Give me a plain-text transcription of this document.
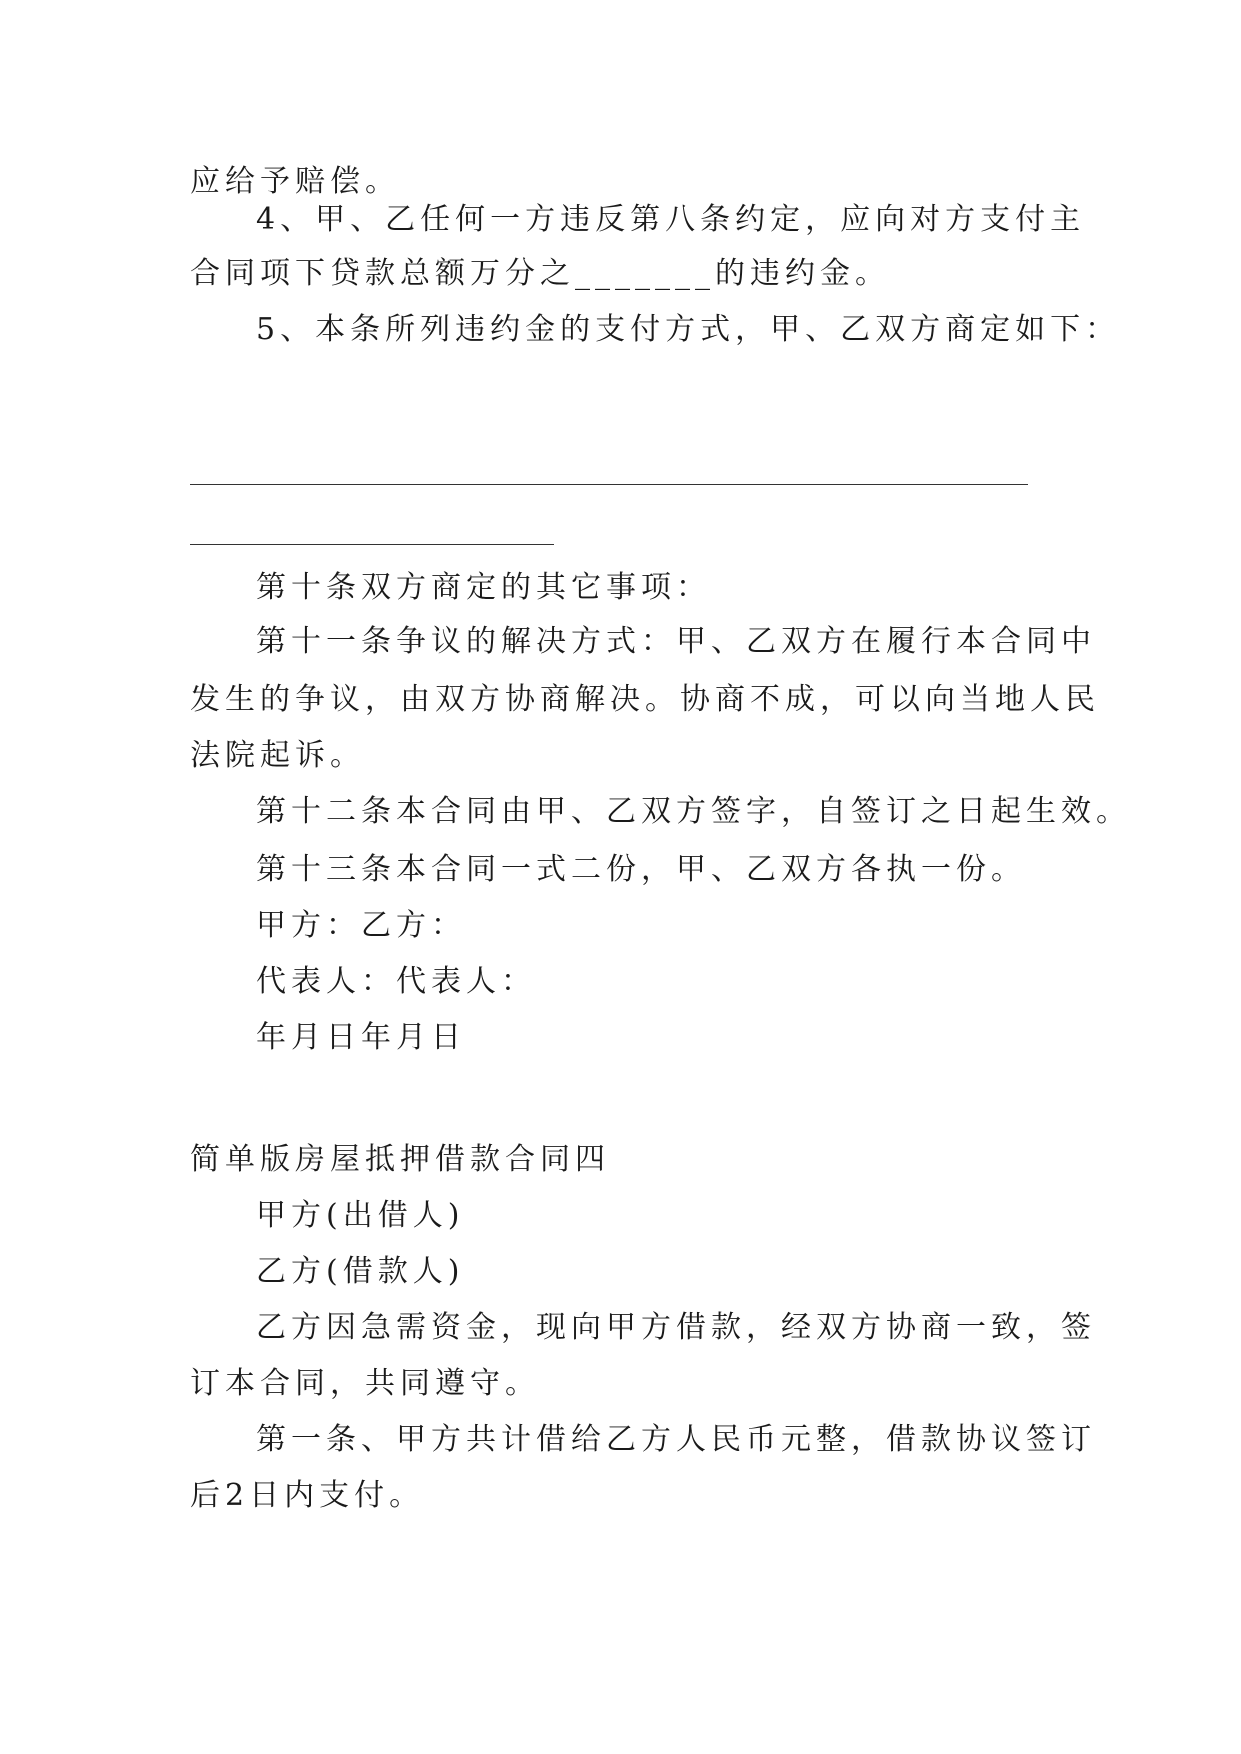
应给予赔偿。
4、甲、乙任何一方违反第八条约定，应向对方支付主
合同项下贷款总额万分之_______的违约金。
5、本条所列违约金的支付方式，甲、乙双方商定如下：
第十条双方商定的其它事项：
第十一条争议的解决方式：甲、乙双方在履行本合同中
发生的争议，由双方协商解决。协商不成，可以向当地人民
法院起诉。
第十二条本合同由甲、乙双方签字，自签订之日起生效。
第十三条本合同一式二份，甲、乙双方各执一份。
甲方：乙方：
代表人：代表人：
年月日年月日
简单版房屋抵押借款合同四
甲方(出借人)
乙方(借款人)
乙方因急需资金，现向甲方借款，经双方协商一致，签
订本合同，共同遵守。
第一条、甲方共计借给乙方人民币元整，借款协议签订
后2日内支付。
